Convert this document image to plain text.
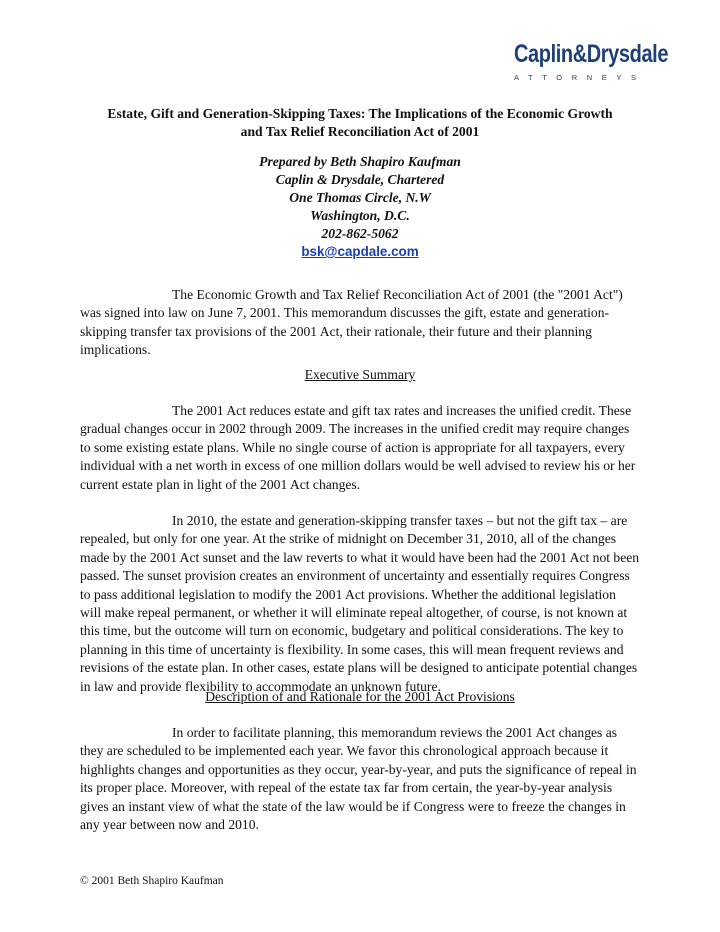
Caplin&Drysdale
ATTORNEYS
Estate, Gift and Generation-Skipping Taxes: The Implications of the Economic Growth
and Tax Relief Reconciliation Act of 2001
Prepared by Beth Shapiro Kaufman
Caplin & Drysdale, Chartered
One Thomas Circle, N.W
Washington, D.C.
202-862-5062
bsk@capdale.com

The Economic Growth and Tax Relief Reconciliation Act of 2001 (the "2001 Act") was signed into law on June 7, 2001. This memorandum discusses the gift, estate and generation-skipping transfer tax provisions of the 2001 Act, their rationale, their future and their planning implications.

Executive Summary

The 2001 Act reduces estate and gift tax rates and increases the unified credit. These gradual changes occur in 2002 through 2009. The increases in the unified credit may require changes to some existing estate plans. While no single course of action is appropriate for all taxpayers, every individual with a net worth in excess of one million dollars would be well advised to review his or her current estate plan in light of the 2001 Act changes.

In 2010, the estate and generation-skipping transfer taxes – but not the gift tax – are repealed, but only for one year. At the strike of midnight on December 31, 2010, all of the changes made by the 2001 Act sunset and the law reverts to what it would have been had the 2001 Act not been passed. The sunset provision creates an environment of uncertainty and essentially requires Congress to pass additional legislation to modify the 2001 Act provisions. Whether the additional legislation will make repeal permanent, or whether it will eliminate repeal altogether, of course, is not known at this time, but the outcome will turn on economic, budgetary and political considerations. The key to planning in this time of uncertainty is flexibility. In some cases, this will mean frequent reviews and revisions of the estate plan. In other cases, estate plans will be designed to anticipate potential changes in law and provide flexibility to accommodate an unknown future.

Description of and Rationale for the 2001 Act Provisions

In order to facilitate planning, this memorandum reviews the 2001 Act changes as they are scheduled to be implemented each year. We favor this chronological approach because it highlights changes and opportunities as they occur, year-by-year, and puts the significance of repeal in its proper place. Moreover, with repeal of the estate tax far from certain, the year-by-year analysis gives an instant view of what the state of the law would be if Congress were to freeze the changes in any year between now and 2010.

© 2001 Beth Shapiro Kaufman
